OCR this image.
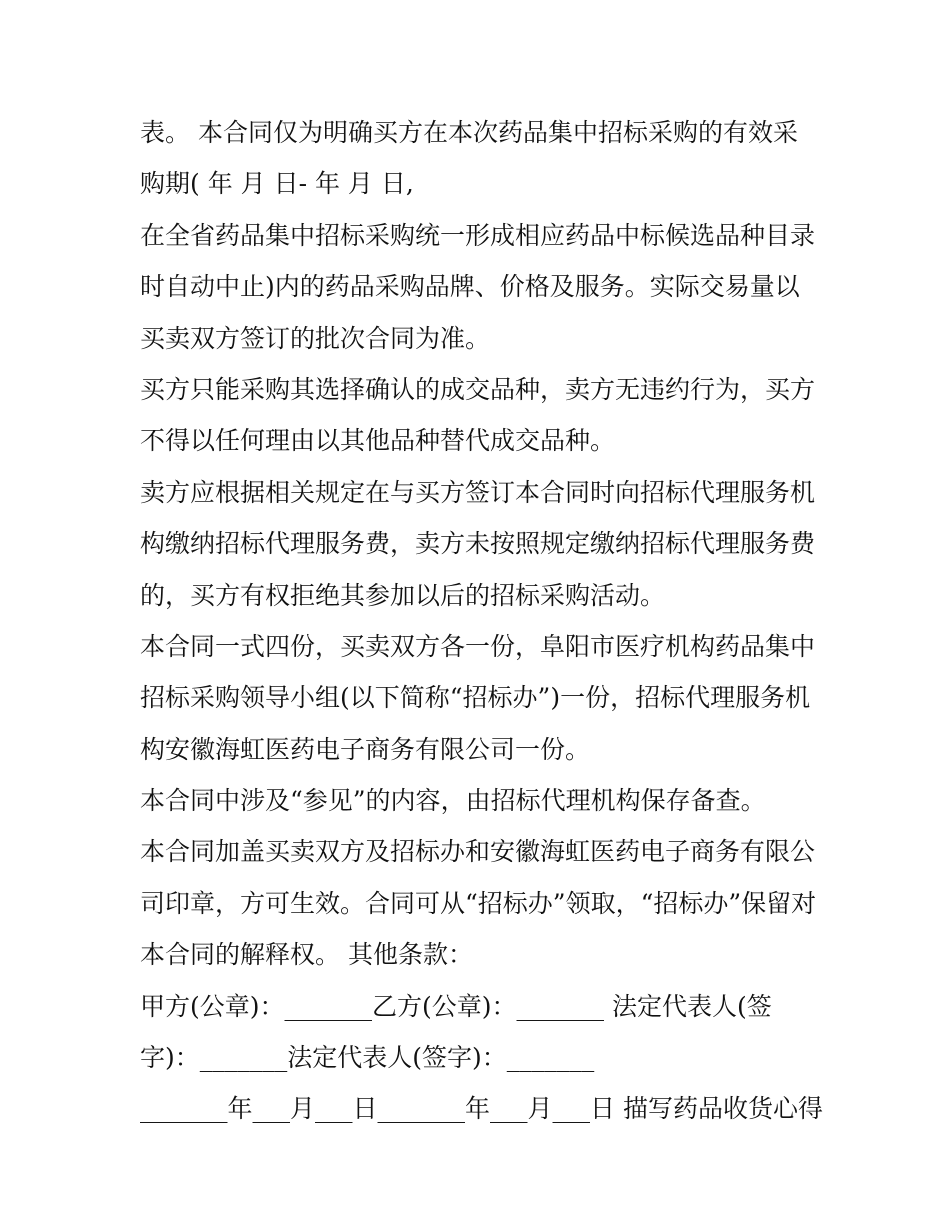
表。 本合同仅为明确买方在本次药品集中招标采购的有效采
购期( 年 月 日- 年 月 日,
在全省药品集中招标采购统一形成相应药品中标候选品种目录
时自动中止)内的药品采购品牌、价格及服务。实际交易量以
买卖双方签订的批次合同为准。
买方只能采购其选择确认的成交品种，卖方无违约行为，买方
不得以任何理由以其他品种替代成交品种。
卖方应根据相关规定在与买方签订本合同时向招标代理服务机
构缴纳招标代理服务费，卖方未按照规定缴纳招标代理服务费
的，买方有权拒绝其参加以后的招标采购活动。
本合同一式四份，买卖双方各一份，阜阳市医疗机构药品集中
招标采购领导小组(以下简称“招标办”)一份，招标代理服务机
构安徽海虹医药电子商务有限公司一份。
本合同中涉及“参见”的内容，由招标代理机构保存备查。
本合同加盖买卖双方及招标办和安徽海虹医药电子商务有限公
司印章，方可生效。合同可从“招标办”领取，“招标办”保留对
本合同的解释权。 其他条款：
甲方(公章)：_______乙方(公章)：_______ 法定代表人(签
字)：_______法定代表人(签字)：_______
_______年___月___日_______年___月___日 描写药品收货心得
